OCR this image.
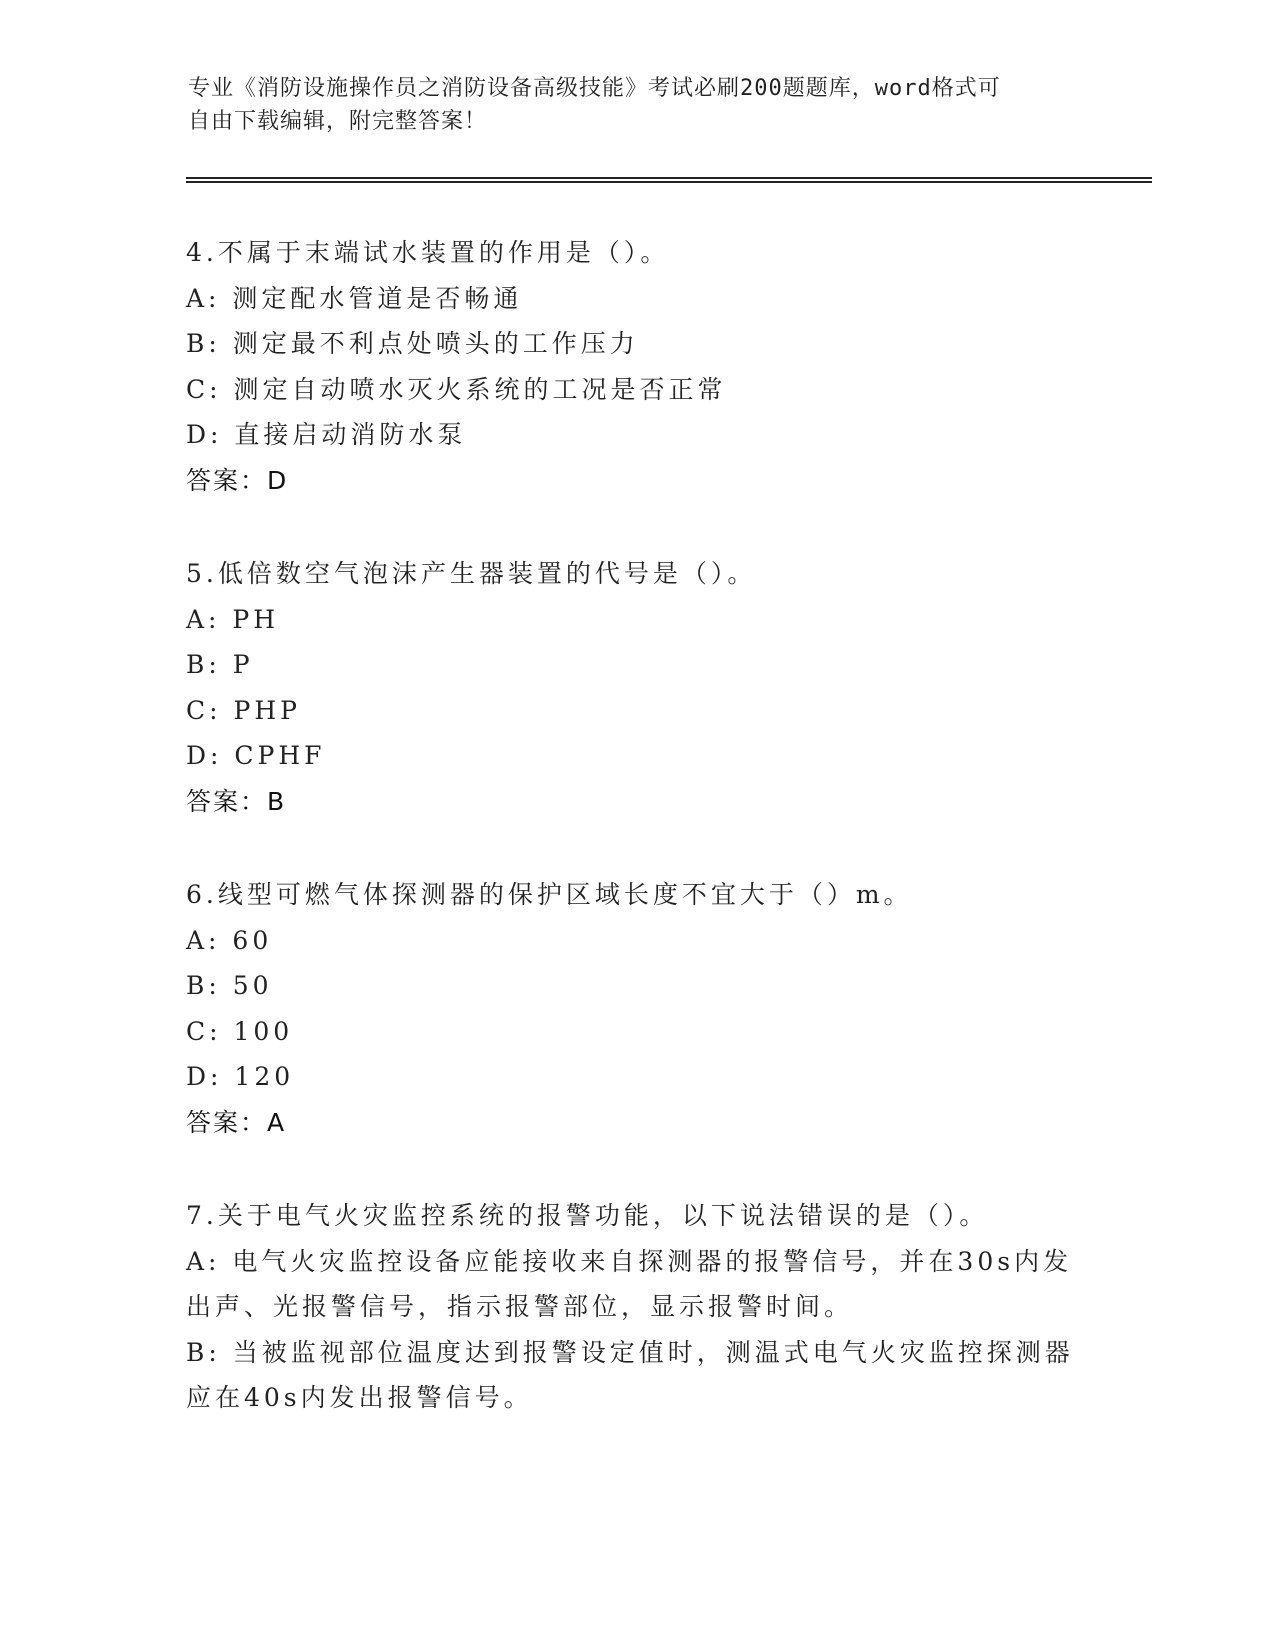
专业《消防设施操作员之消防设备高级技能》考试必刷200题题库，word格式可
自由下载编辑，附完整答案！
4.不属于末端试水装置的作用是（）。
A: 测定配水管道是否畅通
B: 测定最不利点处喷头的工作压力
C: 测定自动喷水灭火系统的工况是否正常
D: 直接启动消防水泵
答案：D
5.低倍数空气泡沫产生器装置的代号是（）。
A: PH
B: P
C: PHP
D: CPHF
答案：B
6.线型可燃气体探测器的保护区域长度不宜大于（）m。
A: 60
B: 50
C: 100
D: 120
答案：A
7.关于电气火灾监控系统的报警功能，以下说法错误的是（）。
A: 电气火灾监控设备应能接收来自探测器的报警信号，并在30s内发
出声、光报警信号，指示报警部位，显示报警时间。
B: 当被监视部位温度达到报警设定值时，测温式电气火灾监控探测器
应在40s内发出报警信号。
